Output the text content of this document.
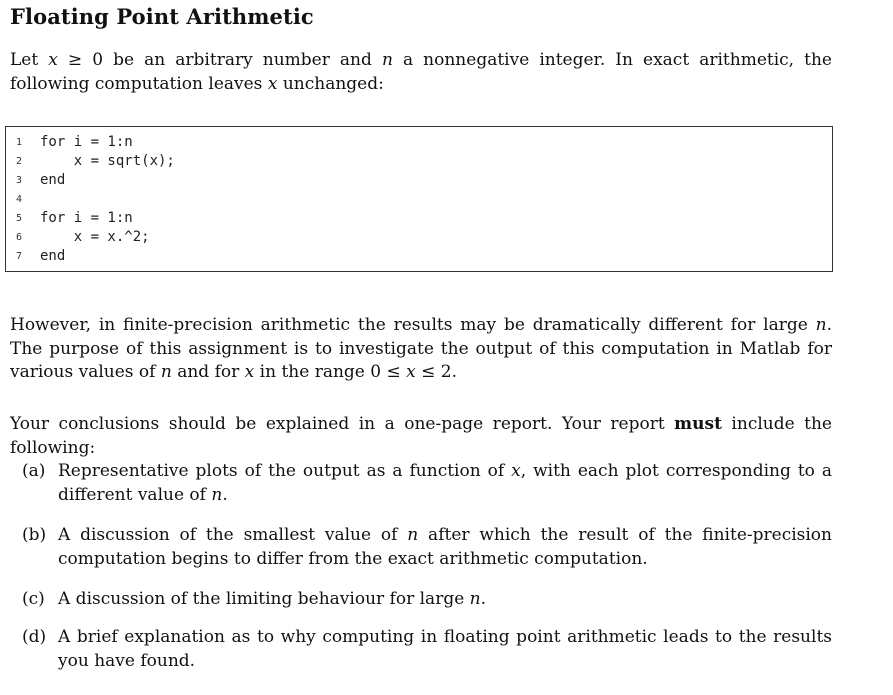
Floating Point Arithmetic
Let x ≥ 0 be an arbitrary number and n a nonnegative integer. In exact arithmetic, the following computation leaves x unchanged:
1	for i = 1:n
2	x = sqrt(x);
3	end
4
5	for i = 1:n
6	x = x.^2;
7	end
However, in finite-precision arithmetic the results may be dramatically different for large n. The purpose of this assignment is to investigate the output of this computation in Matlab for various values of n and for x in the range 0 ≤ x ≤ 2.
Your conclusions should be explained in a one-page report. Your report must include the following:
(a) Representative plots of the output as a function of x, with each plot corresponding to a different value of n.
(b) A discussion of the smallest value of n after which the result of the finite-precision computation begins to differ from the exact arithmetic computation.
(c) A discussion of the limiting behaviour for large n.
(d) A brief explanation as to why computing in floating point arithmetic leads to the results you have found.
